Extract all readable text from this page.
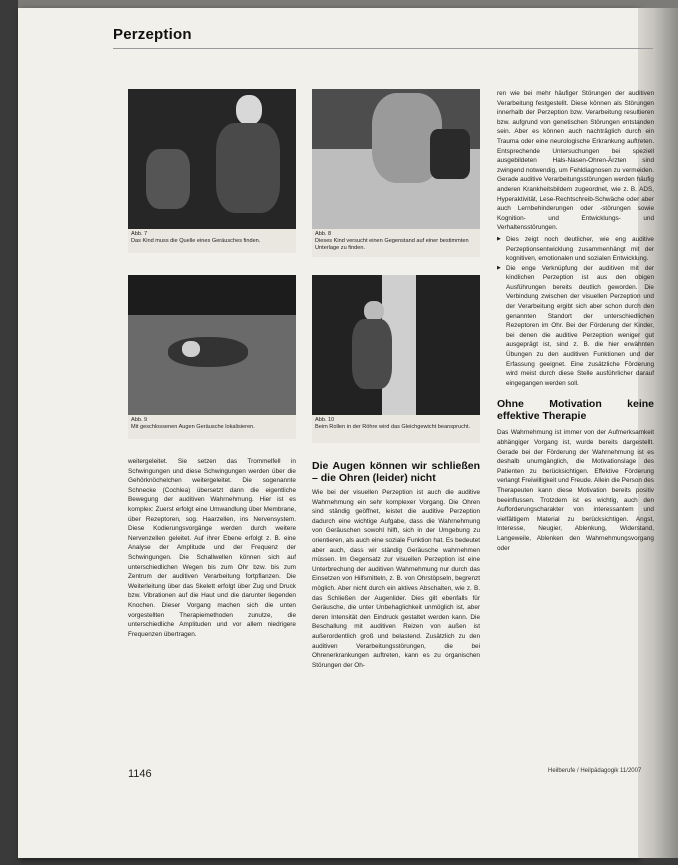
Perzeption
Abb. 7
Das Kind muss die Quelle eines Geräusches finden.
Abb. 8
Dieses Kind versucht einen Gegenstand auf einer bestimmten Unterlage zu finden.
Abb. 9
Mit geschlossenen Augen Geräusche lokalisieren.
Abb. 10
Beim Rollen in der Röhre wird das Gleichgewicht beansprucht.

weitergeleitet. Sie setzen das Trommelfell in Schwingungen und diese Schwingungen werden über die Gehörknöchelchen weitergeleitet. Die sogenannte Schnecke (Cochlea) übersetzt dann die eigentliche Bewegung der auditiven Wahrnehmung. Hier ist es komplex: Zuerst erfolgt eine Umwandlung über Membrane, über Rezeptoren, sog. Haarzellen, ins Nervensystem. Diese Kodierungsvorgänge werden durch weitere Nervenzellen geleitet. Auf ihrer Ebene erfolgt z. B. eine Analyse der Amplitude und der Frequenz der Schwingungen. Die Schallwellen können sich auf unterschiedlichen Wegen bis zum Ohr bzw. bis zum Zentrum der auditiven Verarbeitung fortpflanzen. Die Weiterleitung über das Skelett erfolgt über Zug und Druck bzw. Vibrationen auf die Haut und die darunter liegenden Knochen. Dieser Vorgang machen sich die unten vorgestellten Therapiemethoden zunutze, die unterschiedliche Amplituden und vor allem niedrigere Frequenzen übertragen.

Die Augen können wir schließen – die Ohren (leider) nicht

Wie bei der visuellen Perzeption ist auch die auditive Wahrnehmung ein sehr komplexer Vorgang. Die Ohren sind ständig geöffnet, leistet die auditive Perzeption dadurch eine wichtige Aufgabe, dass die Wahrnehmung von Geräuschen sowohl hilft, sich in der Umgebung zu orientieren, als auch eine soziale Funktion hat. Es bedeutet aber auch, dass wir ständig Geräusche wahrnehmen müssen. Im Gegensatz zur visuellen Perzeption ist eine Unterbrechung der auditiven Wahrnehmung nur durch das Einsetzen von Hilfsmitteln, z. B. von Ohrstöpseln, begrenzt möglich. Aber nicht durch ein aktives Abschalten, wie z. B. das Schließen der Augenlider. Dies gilt ebenfalls für Geräusche, die unter Unbehaglichkeit unmöglich ist, aber deren Intensität den Eindruck gestaltet werden kann. Die Beschallung mit auditiven Reizen von außen ist außerordentlich groß und belastend. Zusätzlich zu den auditiven Verarbeitungsstörungen, die bei Ohrenerkrankungen auftreten, kann es zu organischen Störungen der Oh-

ren wie bei mehr häufiger Störungen der auditiven Verarbeitung festgestellt. Diese können als Störungen innerhalb der Perzeption bzw. Verarbeitung resultieren bzw. aufgrund von genetischen Störungen entstanden sein. Aber es können auch nachträglich durch ein Trauma oder eine neurologische Erkrankung auftreten. Entsprechende Untersuchungen bei speziell ausgebildeten Hals-Nasen-Ohren-Ärzten sind zwingend notwendig, um Fehldiagnosen zu vermeiden. Gerade auditive Verarbeitungsstörungen werden häufig anderen Krankheitsbildern zugeordnet, wie z. B. ADS, Hyperaktivität, Lese-Rechtschreib-Schwäche oder aber auch Lernbehinderungen oder -störungen sowie Kognition- und Entwicklungs- und Verhaltensstörungen.

▶ Dies zeigt noch deutlicher, wie eng auditive Perzeptionsentwicklung zusammenhängt mit der kognitiven, emotionalen und sozialen Entwicklung.

▶ Die enge Verknüpfung der auditiven mit der kindlichen Perzeption ist aus den obigen Ausführungen bereits deutlich geworden. Die Verbindung zwischen der visuellen Perzeption und der Verarbeitung ergibt sich aber schon durch den genannten Standort der unterschiedlichen Rezeptoren im Ohr. Bei der Förderung der Kinder, bei denen die auditive Perzeption weniger gut ausgeprägt ist, sind z. B. die hier erwähnten Übungen zu den auditiven Funktionen und der Erfassung geeignet. Eine zusätzliche Förderung wird meist durch diese Stelle ausführlicher darauf eingegangen werden soll.

Ohne Motivation keine effektive Therapie

Das Wahrnehmung ist immer von der Aufmerksamkeit abhängiger Vorgang ist, wurde bereits dargestellt. Gerade bei der Förderung der Wahrnehmung ist es deshalb unumgänglich, die Motivationslage des Patienten zu berücksichtigen. Effektive Förderung verlangt Freiwilligkeit und Freude. Allein die Person des Therapeuten kann diese Motivation bereits positiv beeinflussen. Trotzdem ist es wichtig, auch den Aufforderungscharakter von interessantem und vielfältigem Material zu berücksichtigen. Angst, Interesse, Neugier, Ablenkung, Widerstand, Langeweile, Ablenken den Wahrnehmungsvorgang oder

1146	Heilberufe / Heilpädagogik 11/2007
